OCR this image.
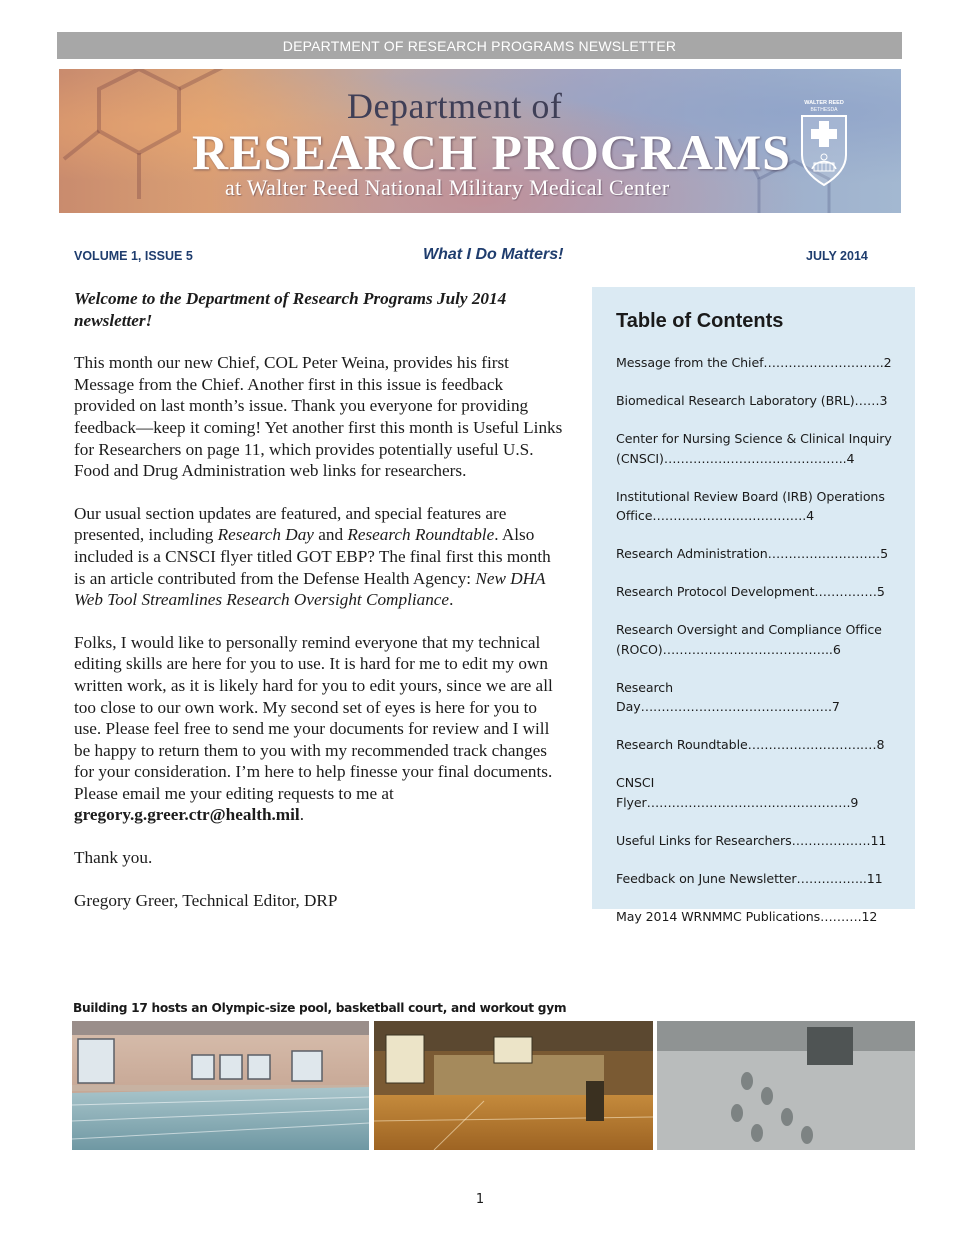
DEPARTMENT OF RESEARCH PROGRAMS NEWSLETTER
Department of
RESEARCH PROGRAMS
at Walter Reed National Military Medical Center
WALTER REED
BETHESDA
VOLUME 1, ISSUE 5	What I Do Matters!	JULY 2014

Welcome to the Department of Research Programs July 2014 newsletter!

This month our new Chief, COL Peter Weina, provides his first Message from the Chief. Another first in this issue is feedback provided on last month’s issue. Thank you everyone for providing feedback—keep it coming! Yet another first this month is Useful Links for Researchers on page 11, which provides potentially useful U.S. Food and Drug Administration web links for researchers.

Our usual section updates are featured, and special features are presented, including Research Day and Research Roundtable. Also included is a CNSCI flyer titled GOT EBP? The final first this month is an article contributed from the Defense Health Agency: New DHA Web Tool Streamlines Research Oversight Compliance.

Folks, I would like to personally remind everyone that my technical editing skills are here for you to use. It is hard for me to edit my own written work, as it is likely hard for you to edit yours, since we are all too close to our own work. My second set of eyes is here for you to use. Please feel free to send me your documents for review and I will be happy to return them to you with my recommended track changes for your consideration. I’m here to help finesse your final documents. Please email me your editing requests to me at gregory.g.greer.ctr@health.mil.

Thank you.

Gregory Greer, Technical Editor, DRP

Table of Contents
Message from the Chief………………………..2
Biomedical Research Laboratory (BRL)……3
Center for Nursing Science & Clinical Inquiry (CNSCI)……………………………………..4
Institutional Review Board (IRB) Operations Office……………………………….4
Research Administration………………………5
Research Protocol Development……………5
Research Oversight and Compliance Office (ROCO)…………………………………..6
Research Day……………………………………….7
Research Roundtable……………………….…8
CNSCI Flyer………………………………………….9
Useful Links for Researchers……………….11
Feedback on June Newsletter……………..11
May 2014 WRNMMC Publications……….12
Building 17 hosts an Olympic-size pool, basketball court, and workout gym
1
